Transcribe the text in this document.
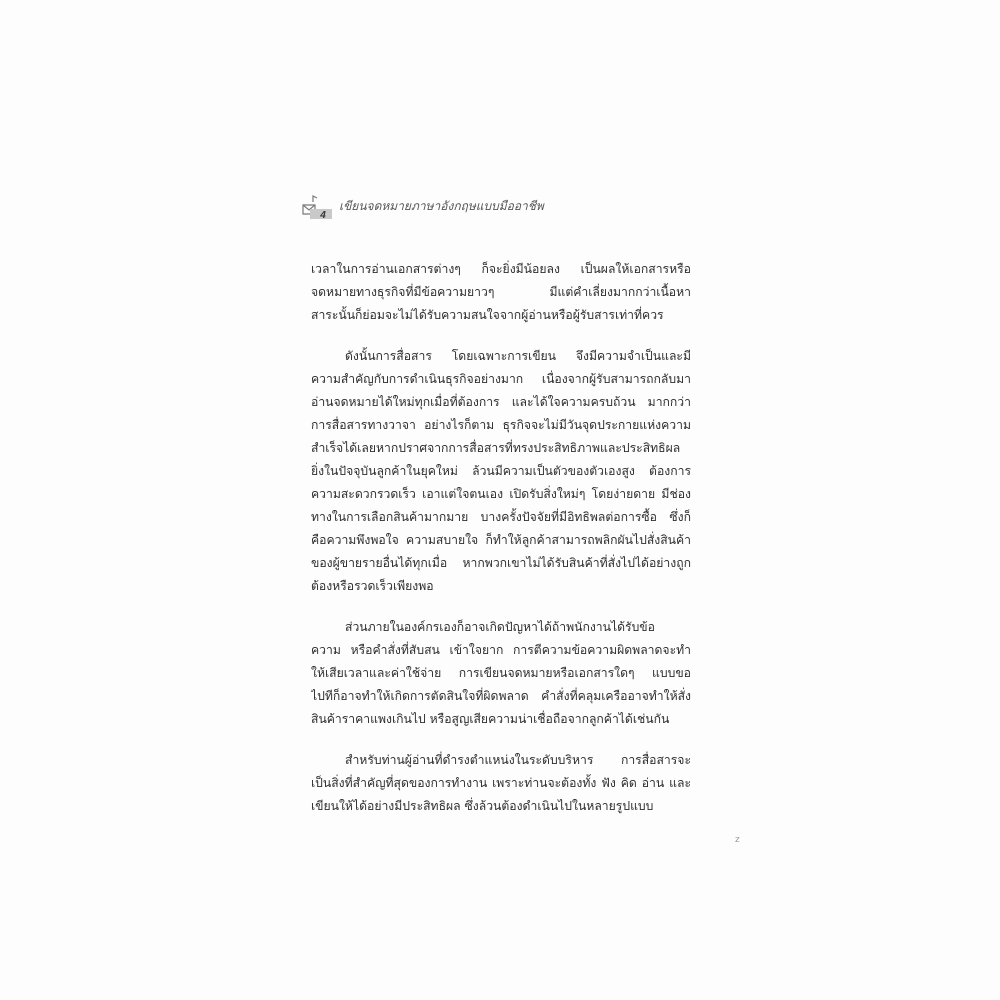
4
เขียนจดหมายภาษาอังกฤษแบบมืออาชีพ
เวลาในการอ่านเอกสารต่างๆ ก็จะยิ่งมีน้อยลง เป็นผลให้เอกสารหรือ
จดหมายทางธุรกิจที่มีข้อความยาวๆ มีแต่คำเลี่ยงมากกว่าเนื้อหา
สาระนั้นก็ย่อมจะไม่ได้รับความสนใจจากผู้อ่านหรือผู้รับสารเท่าที่ควร
ดังนั้นการสื่อสาร โดยเฉพาะการเขียน จึงมีความจำเป็นและมี
ความสำคัญกับการดำเนินธุรกิจอย่างมาก เนื่องจากผู้รับสามารถกลับมา
อ่านจดหมายได้ใหม่ทุกเมื่อที่ต้องการ และได้ใจความครบถ้วน มากกว่า
การสื่อสารทางวาจา อย่างไรก็ตาม ธุรกิจจะไม่มีวันจุดประกายแห่งความ
สำเร็จได้เลยหากปราศจากการสื่อสารที่ทรงประสิทธิภาพและประสิทธิผล
ยิ่งในปัจจุบันลูกค้าในยุคใหม่ ล้วนมีความเป็นตัวของตัวเองสูง ต้องการ
ความสะดวกรวดเร็ว เอาแต่ใจตนเอง เปิดรับสิ่งใหม่ๆ โดยง่ายดาย มีช่อง
ทางในการเลือกสินค้ามากมาย บางครั้งปัจจัยที่มีอิทธิพลต่อการซื้อ ซึ่งก็
คือความพึงพอใจ ความสบายใจ ก็ทำให้ลูกค้าสามารถพลิกผันไปสั่งสินค้า
ของผู้ขายรายอื่นได้ทุกเมื่อ หากพวกเขาไม่ได้รับสินค้าที่สั่งไปได้อย่างถูก
ต้องหรือรวดเร็วเพียงพอ
ส่วนภายในองค์กรเองก็อาจเกิดปัญหาได้ถ้าพนักงานได้รับข้อ
ความ หรือคำสั่งที่สับสน เข้าใจยาก การตีความข้อความผิดพลาดจะทำ
ให้เสียเวลาและค่าใช้จ่าย การเขียนจดหมายหรือเอกสารใดๆ แบบขอ
ไปทีก็อาจทำให้เกิดการตัดสินใจที่ผิดพลาด คำสั่งที่คลุมเครืออาจทำให้สั่ง
สินค้าราคาแพงเกินไป หรือสูญเสียความน่าเชื่อถือจากลูกค้าได้เช่นกัน
สำหรับท่านผู้อ่านที่ดำรงตำแหน่งในระดับบริหาร การสื่อสารจะ
เป็นสิ่งที่สำคัญที่สุดของการทำงาน เพราะท่านจะต้องทั้ง ฟัง คิด อ่าน และ
เขียนให้ได้อย่างมีประสิทธิผล ซึ่งล้วนต้องดำเนินไปในหลายรูปแบบ
z
